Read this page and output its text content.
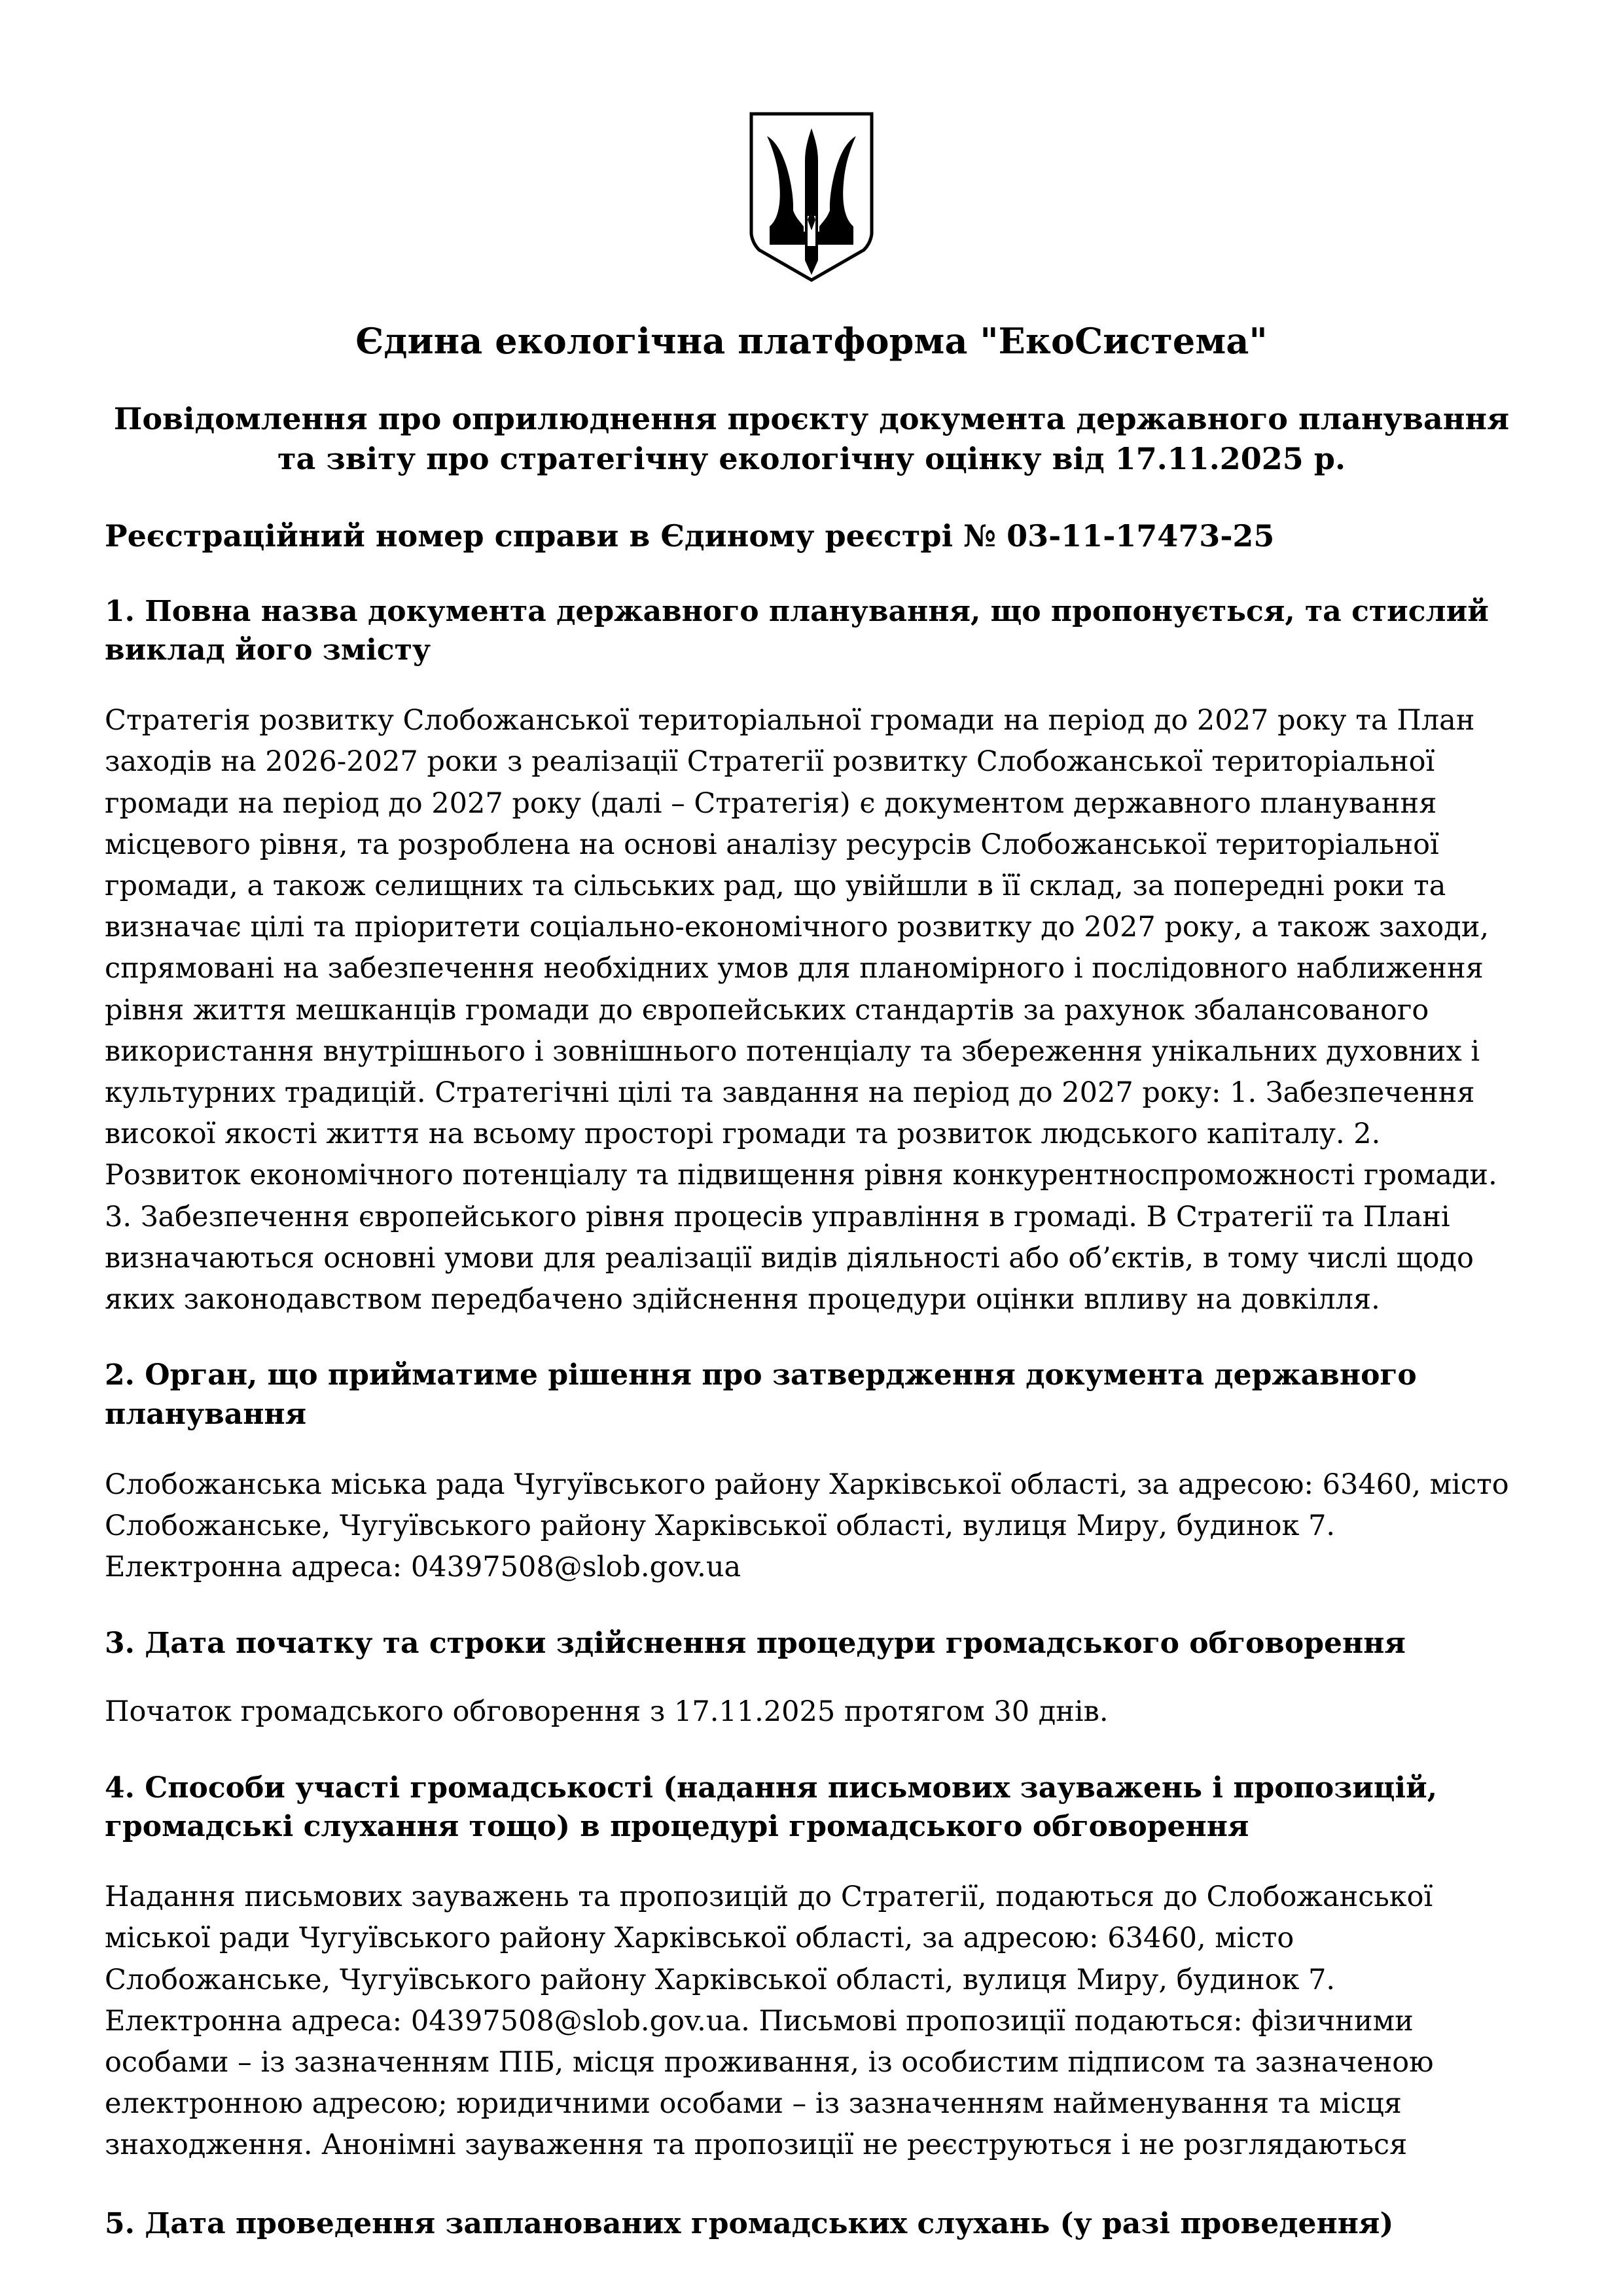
Єдина екологічна платформа "ЕкоСистема"
Повідомлення про оприлюднення проєкту документа державного планування
та звіту про стратегічну екологічну оцінку від 17.11.2025 р.
Реєстраційний номер справи в Єдиному реєстрі № 03-11-17473-25
1. Повна назва документа державного планування, що пропонується, та стислий виклад його змісту
Стратегія розвитку Слобожанської територіальної громади на період до 2027 року та План заходів на 2026-2027 роки з реалізації Стратегії розвитку Слобожанської територіальної громади на період до 2027 року (далі – Стратегія) є документом державного планування місцевого рівня, та розроблена на основі аналізу ресурсів Слобожанської територіальної громади, а також селищних та сільських рад, що увійшли в її склад, за попередні роки та визначає цілі та пріоритети соціально-економічного розвитку до 2027 року, а також заходи, спрямовані на забезпечення необхідних умов для планомірного і послідовного наближення рівня життя мешканців громади до європейських стандартів за рахунок збалансованого використання внутрішнього і зовнішнього потенціалу та збереження унікальних духовних і культурних традицій. Стратегічні цілі та завдання на період до 2027 року: 1. Забезпечення високої якості життя на всьому просторі громади та розвиток людського капіталу. 2. Розвиток економічного потенціалу та підвищення рівня конкурентноспроможності громади. 3. Забезпечення європейського рівня процесів управління в громаді. В Стратегії та Плані визначаються основні умови для реалізації видів діяльності або об’єктів, в тому числі щодо яких законодавством передбачено здійснення процедури оцінки впливу на довкілля.
2. Орган, що прийматиме рішення про затвердження документа державного планування
Слобожанська міська рада Чугуївського району Харківської області, за адресою: 63460, місто Слобожанське, Чугуївського району Харківської області, вулиця Миру, будинок 7. Електронна адреса: 04397508@slob.gov.ua
3. Дата початку та строки здійснення процедури громадського обговорення
Початок громадського обговорення з 17.11.2025 протягом 30 днів.
4. Способи участі громадськості (надання письмових зауважень і пропозицій, громадські слухання тощо) в процедурі громадського обговорення
Надання письмових зауважень та пропозицій до Стратегії, подаються до Слобожанської міської ради Чугуївського району Харківської області, за адресою: 63460, місто Слобожанське, Чугуївського району Харківської області, вулиця Миру, будинок 7. Електронна адреса: 04397508@slob.gov.ua. Письмові пропозиції подаються: фізичними особами – із зазначенням ПІБ, місця проживання, із особистим підписом та зазначеною електронною адресою; юридичними особами – із зазначенням найменування та місця знаходження. Анонімні зауваження та пропозиції не реєструються і не розглядаються
5. Дата проведення запланованих громадських слухань (у разі проведення)
